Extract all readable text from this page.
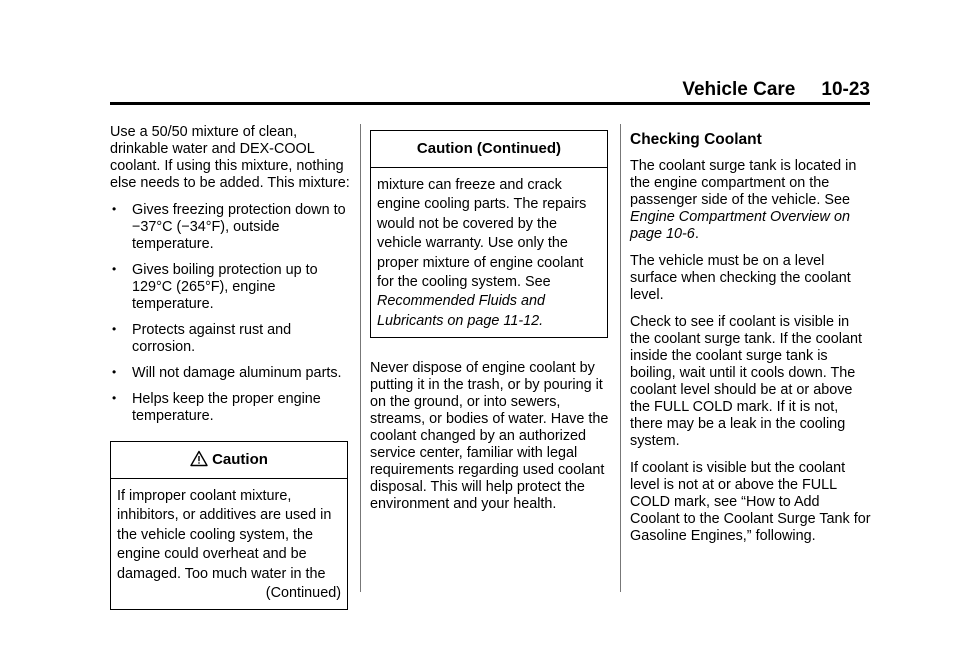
Vehicle Care 10-23

Use a 50/50 mixture of clean, drinkable water and DEX-COOL coolant. If using this mixture, nothing else needs to be added. This mixture:

• Gives freezing protection down to −37°C (−34°F), outside temperature.
• Gives boiling protection up to 129°C (265°F), engine temperature.
• Protects against rust and corrosion.
• Will not damage aluminum parts.
• Helps keep the proper engine temperature.
Caution
If improper coolant mixture, inhibitors, or additives are used in the vehicle cooling system, the engine could overheat and be damaged. Too much water in the
(Continued)
Caution (Continued)
mixture can freeze and crack engine cooling parts. The repairs would not be covered by the vehicle warranty. Use only the proper mixture of engine coolant for the cooling system. See Recommended Fluids and Lubricants on page 11-12.

Never dispose of engine coolant by putting it in the trash, or by pouring it on the ground, or into sewers, streams, or bodies of water. Have the coolant changed by an authorized service center, familiar with legal requirements regarding used coolant disposal. This will help protect the environment and your health.

Checking Coolant

The coolant surge tank is located in the engine compartment on the passenger side of the vehicle. See Engine Compartment Overview on page 10-6.

The vehicle must be on a level surface when checking the coolant level.

Check to see if coolant is visible in the coolant surge tank. If the coolant inside the coolant surge tank is boiling, wait until it cools down. The coolant level should be at or above the FULL COLD mark. If it is not, there may be a leak in the cooling system.

If coolant is visible but the coolant level is not at or above the FULL COLD mark, see “How to Add Coolant to the Coolant Surge Tank for Gasoline Engines,” following.
